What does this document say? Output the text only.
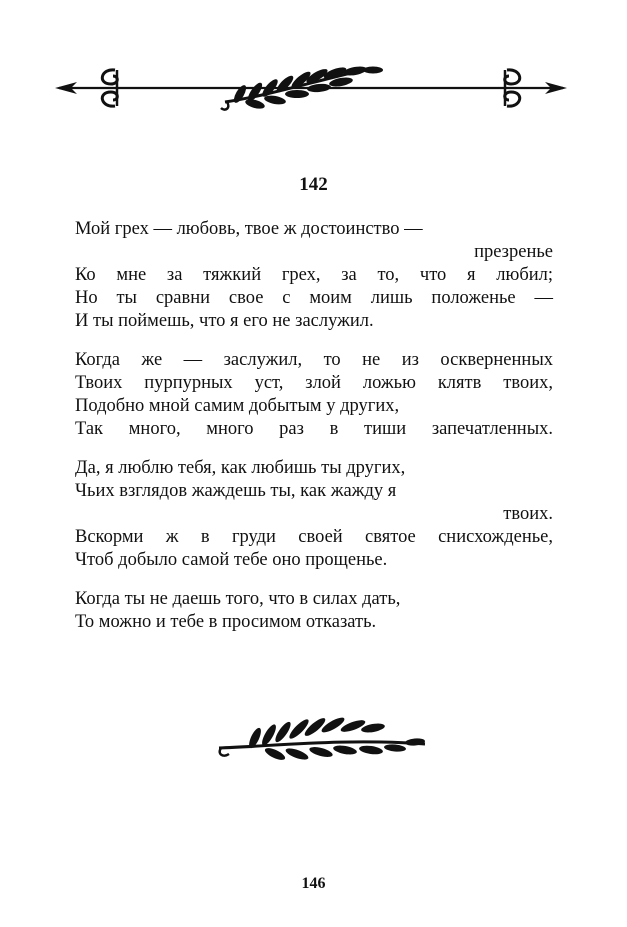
142
Мой грех — любовь, твое ж достоинство —
презренье
Ко мне за тяжкий грех, за то, что я любил;
Но ты сравни свое с моим лишь положенье —
И ты поймешь, что я его не заслужил.
Когда же — заслужил, то не из оскверненных
Твоих пурпурных уст, злой ложью клятв твоих,
Подобно мной самим добытым у других,
Так много, много раз в тиши запечатленных.
Да, я люблю тебя, как любишь ты других,
Чьих взглядов жаждешь ты, как жажду я
твоих.
Вскорми ж в груди своей святое снисхожденье,
Чтоб добыло самой тебе оно прощенье.
Когда ты не даешь того, что в силах дать,
То можно и тебе в просимом отказать.
146
